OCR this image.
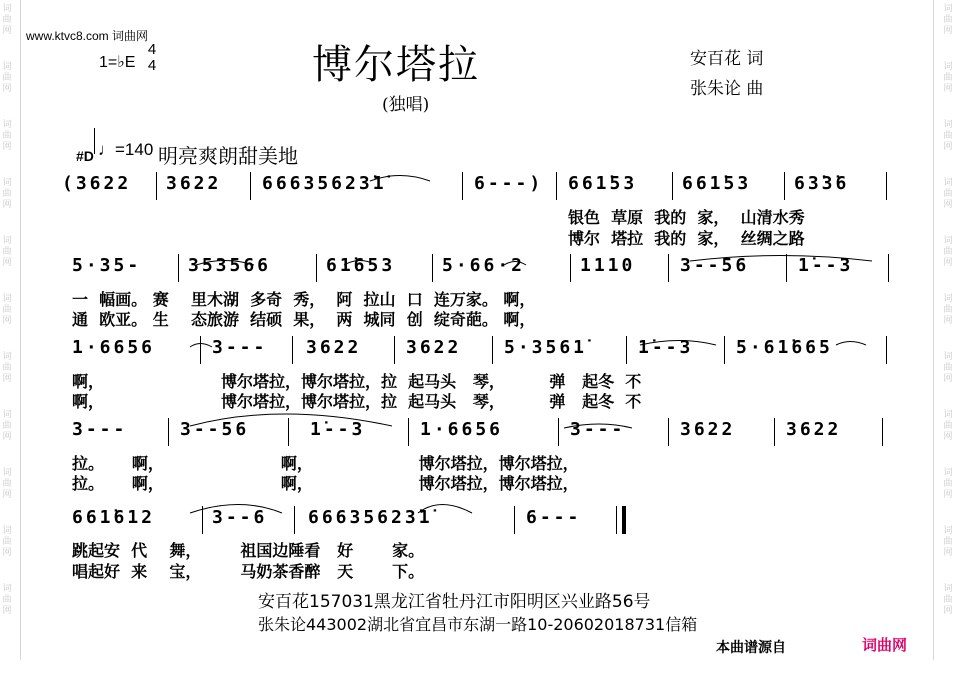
词
曲
网
词
曲
网
词
曲
网
词
曲
网
词
曲
网
词
曲
网
词
曲
网
词
曲
网
词
曲
网
词
曲
网
词
曲
网
词
曲
网
词
曲
网
词
曲
网
词
曲
网
词
曲
网
词
曲
网
词
曲
网
词
曲
网
词
曲
网
词
曲
网
词
曲
网
www.ktvc8.com 词曲网
1=♭E
4
4	博尔塔拉
(独唱)
安百花 词
张朱论 曲
#D ♩=140 明亮爽朗甜美地
(3622 3622 66635623̇1̇	6---) 661̇53 661̇53 63̇3̇6
银色  草原  我的  家，  山清水秀
博尔  塔拉  我的  家，  丝绸之路
5·35-	353566	61̇653	5·66·2	1110 3--56	1̇--3
一  幅画。 赛    里木湖  多奇  秀，  阿  拉山  口  连万家。 啊，
通  欧亚。 生    态旅游  结硕  果，  两  城同  创  绽奇葩。 啊，
1·6656	3--- 3622 3622 5·3561̇	1̇--3 5·61̇665
啊，                     博尔塔拉，博尔塔拉，拉  起马头   琴，        弹   起冬  不
啊，                     博尔塔拉，博尔塔拉，拉  起马头   琴，        弹   起冬  不
3---	3--56	1̇--3	1·6656	3---	3622	3622
拉。     啊，                     啊，                   博尔塔拉，博尔塔拉，
拉。     啊，                     啊，                   博尔塔拉，博尔塔拉，
661̇612	3--6 66635623̇1̇	6---
跳起安  代    舞，       祖国边陲看   好       家。
唱起好  来    宝，       马奶茶香醉   天       下。
安百花157031黑龙江省牡丹江市阳明区兴业路56号
张朱论443002湖北省宜昌市东湖一路10-20602018731信箱
本曲谱源自	词曲网
